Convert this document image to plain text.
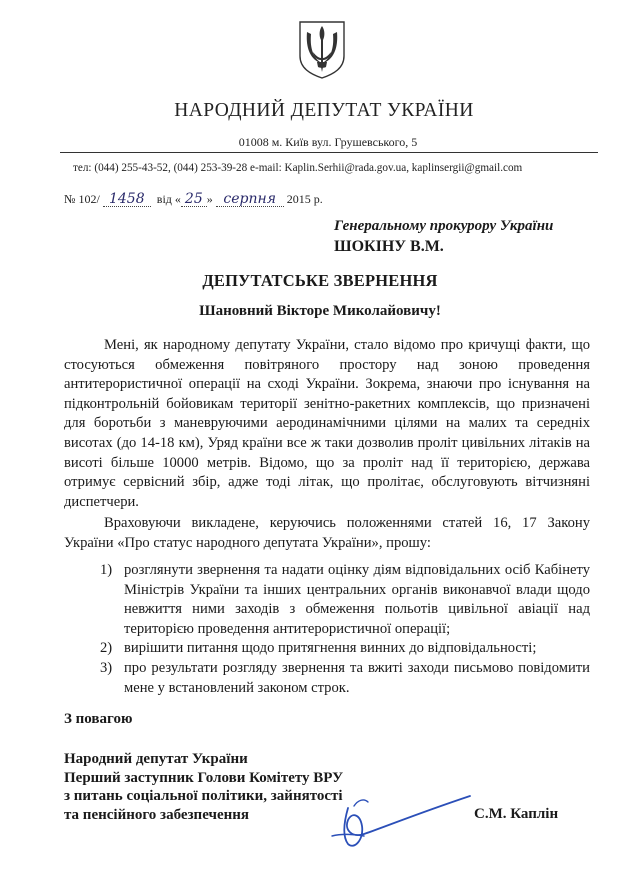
НАРОДНИЙ ДЕПУТАТ УКРАЇНИ
01008 м. Київ вул. Грушевського, 5
тел: (044) 255-43-52, (044) 253-39-28 e-mail: Kaplin.Serhii@rada.gov.ua, kaplinsergii@gmail.com
№ 102/ 1458 від « 25 » серпня 2015 р.
Генеральному прокурору України
ШОКІНУ В.М.
ДЕПУТАТСЬКЕ ЗВЕРНЕННЯ
Шановний Вікторе Миколайовичу!

Мені, як народному депутату України, стало відомо про кричущі факти, що стосуються обмеження повітряного простору над зоною проведення антитерористичної операції на сході України. Зокрема, знаючи про існування на підконтрольній бойовикам території зенітно-ракетних комплексів, що призначені для боротьби з маневруючими аеродинамічними цілями на малих та середніх висотах (до 14-18 км), Уряд країни все ж таки дозволив проліт цивільних літаків на висоті більше 10000 метрів. Відомо, що за проліт над її територією, держава отримує сервісний збір, адже тоді літак, що пролітає, обслуговують вітчизняні диспетчери.

Враховуючи викладене, керуючись положеннями статей 16, 17 Закону України «Про статус народного депутата України», прошу:

1) розглянути звернення та надати оцінку діям відповідальних осіб Кабінету Міністрів України та інших центральних органів виконавчої влади щодо невжиття ними заходів з обмеження польотів цивільної авіації над територією проведення антитерористичної операції;
2) вирішити питання щодо притягнення винних до відповідальності;
3) про результати розгляду звернення та вжиті заходи письмово повідомити мене у встановлений законом строк.
З повагою
Народний депутат України
Перший заступник Голови Комітету ВРУ
з питань соціальної політики, зайнятості
та пенсійного забезпечення	С.М. Каплін
